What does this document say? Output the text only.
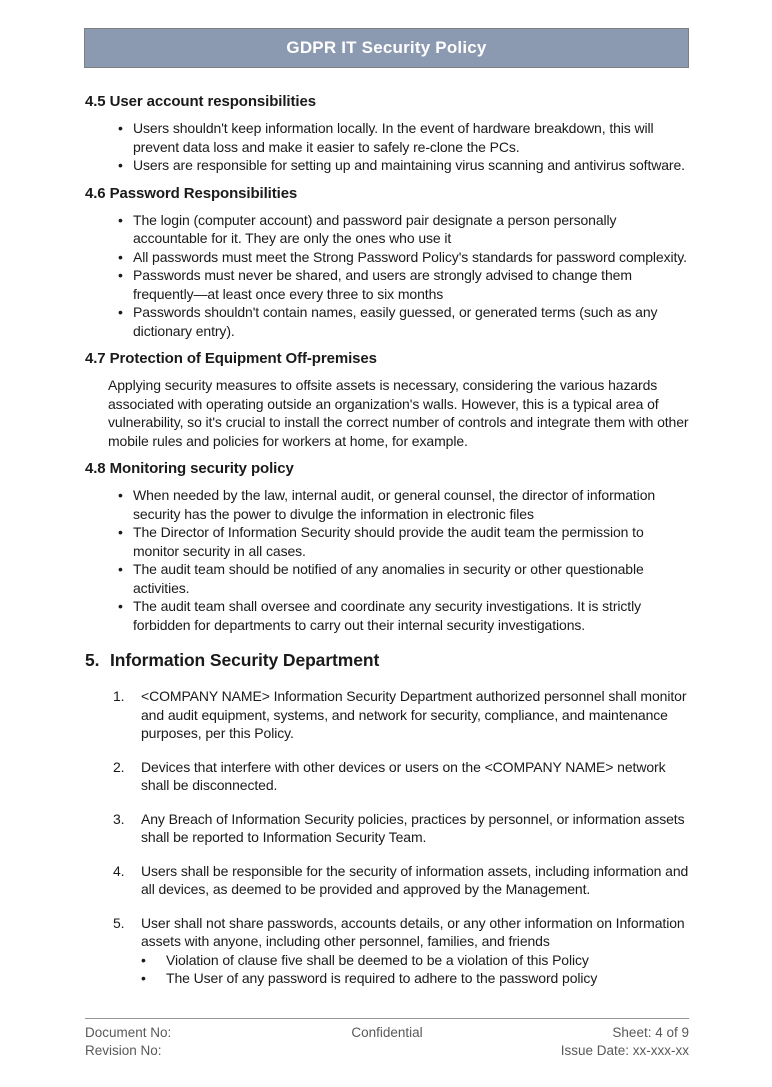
GDPR IT Security Policy
4.5 User account responsibilities
• Users shouldn't keep information locally. In the event of hardware breakdown, this will prevent data loss and make it easier to safely re-clone the PCs.
• Users are responsible for setting up and maintaining virus scanning and antivirus software.
4.6 Password Responsibilities
• The login (computer account) and password pair designate a person personally accountable for it. They are only the ones who use it
• All passwords must meet the Strong Password Policy's standards for password complexity.
• Passwords must never be shared, and users are strongly advised to change them frequently—at least once every three to six months
• Passwords shouldn't contain names, easily guessed, or generated terms (such as any dictionary entry).
4.7 Protection of Equipment Off-premises

Applying security measures to offsite assets is necessary, considering the various hazards associated with operating outside an organization's walls. However, this is a typical area of vulnerability, so it's crucial to install the correct number of controls and integrate them with other mobile rules and policies for workers at home, for example.

4.8 Monitoring security policy
• When needed by the law, internal audit, or general counsel, the director of information security has the power to divulge the information in electronic files
• The Director of Information Security should provide the audit team the permission to monitor security in all cases.
• The audit team should be notified of any anomalies in security or other questionable activities.
• The audit team shall oversee and coordinate any security investigations. It is strictly forbidden for departments to carry out their internal security investigations.
5. Information Security Department
1.	<COMPANY NAME> Information Security Department authorized personnel shall monitor and audit equipment, systems, and network for security, compliance, and maintenance purposes, per this Policy.
2.	Devices that interfere with other devices or users on the <COMPANY NAME> network shall be disconnected.
3.	Any Breach of Information Security policies, practices by personnel, or information assets shall be reported to Information Security Team.
4.	Users shall be responsible for the security of information assets, including information and all devices, as deemed to be provided and approved by the Management.
5.	User shall not share passwords, accounts details, or any other information on Information assets with anyone, including other personnel, families, and friends
• Violation of clause five shall be deemed to be a violation of this Policy
• The User of any password is required to adhere to the password policy
Document No:	Confidential	Sheet: 4 of 9
Revision No:	Issue Date: xx-xxx-xx
